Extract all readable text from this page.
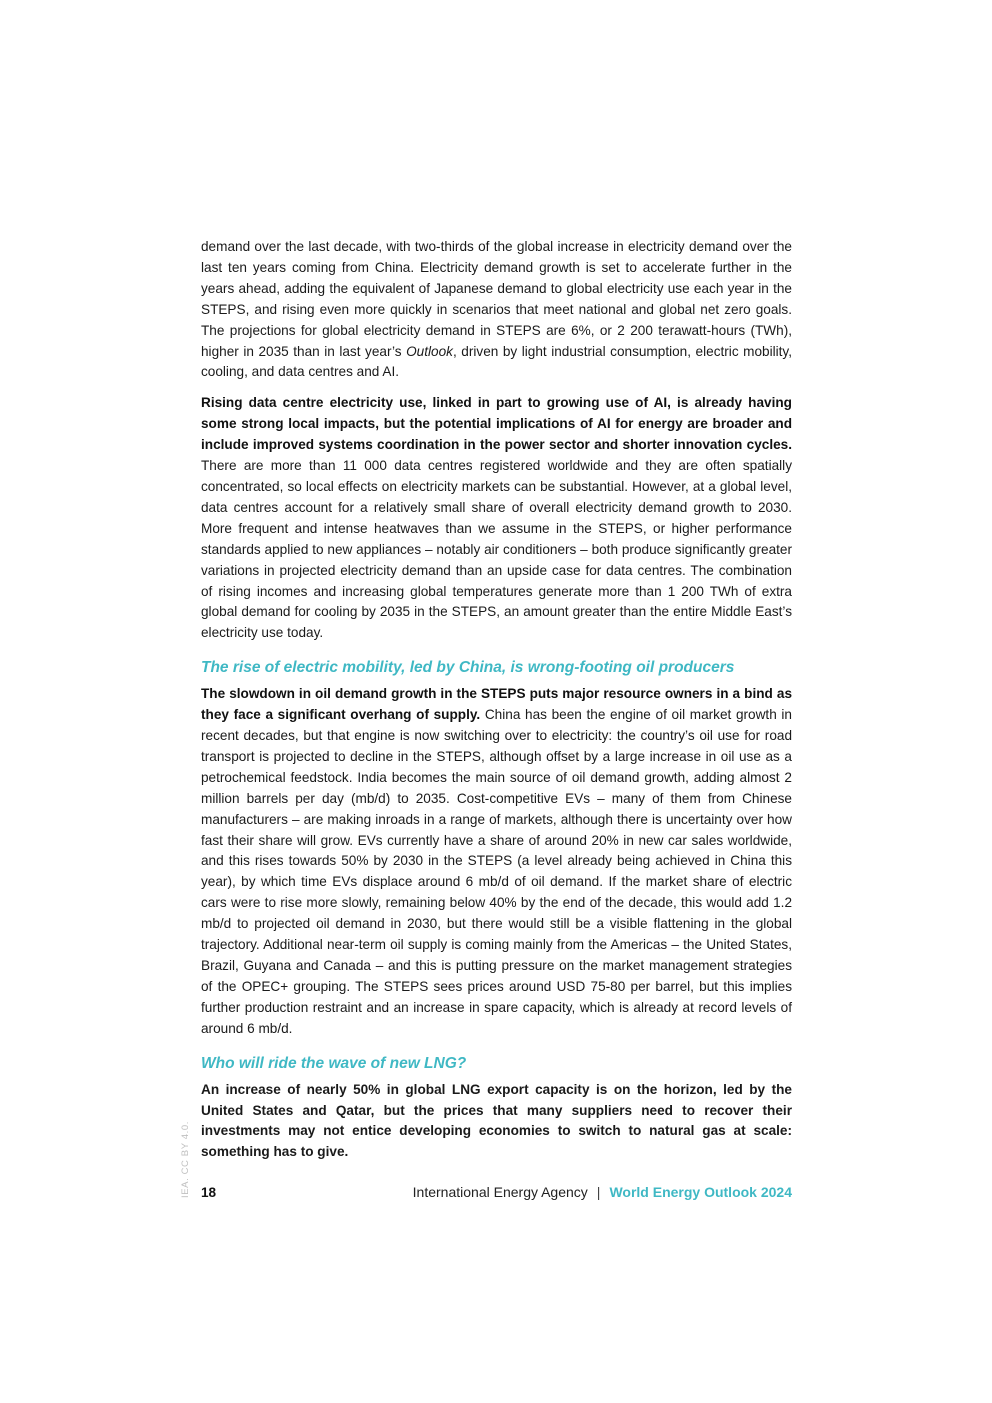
demand over the last decade, with two-thirds of the global increase in electricity demand over the last ten years coming from China. Electricity demand growth is set to accelerate further in the years ahead, adding the equivalent of Japanese demand to global electricity use each year in the STEPS, and rising even more quickly in scenarios that meet national and global net zero goals. The projections for global electricity demand in STEPS are 6%, or 2 200 terawatt-hours (TWh), higher in 2035 than in last year’s Outlook, driven by light industrial consumption, electric mobility, cooling, and data centres and AI.

Rising data centre electricity use, linked in part to growing use of AI, is already having some strong local impacts, but the potential implications of AI for energy are broader and include improved systems coordination in the power sector and shorter innovation cycles. There are more than 11 000 data centres registered worldwide and they are often spatially concentrated, so local effects on electricity markets can be substantial. However, at a global level, data centres account for a relatively small share of overall electricity demand growth to 2030. More frequent and intense heatwaves than we assume in the STEPS, or higher performance standards applied to new appliances – notably air conditioners – both produce significantly greater variations in projected electricity demand than an upside case for data centres. The combination of rising incomes and increasing global temperatures generate more than 1 200 TWh of extra global demand for cooling by 2035 in the STEPS, an amount greater than the entire Middle East’s electricity use today.

The rise of electric mobility, led by China, is wrong-footing oil producers

The slowdown in oil demand growth in the STEPS puts major resource owners in a bind as they face a significant overhang of supply. China has been the engine of oil market growth in recent decades, but that engine is now switching over to electricity: the country’s oil use for road transport is projected to decline in the STEPS, although offset by a large increase in oil use as a petrochemical feedstock. India becomes the main source of oil demand growth, adding almost 2 million barrels per day (mb/d) to 2035. Cost-competitive EVs – many of them from Chinese manufacturers – are making inroads in a range of markets, although there is uncertainty over how fast their share will grow. EVs currently have a share of around 20% in new car sales worldwide, and this rises towards 50% by 2030 in the STEPS (a level already being achieved in China this year), by which time EVs displace around 6 mb/d of oil demand. If the market share of electric cars were to rise more slowly, remaining below 40% by the end of the decade, this would add 1.2 mb/d to projected oil demand in 2030, but there would still be a visible flattening in the global trajectory. Additional near-term oil supply is coming mainly from the Americas – the United States, Brazil, Guyana and Canada – and this is putting pressure on the market management strategies of the OPEC+ grouping. The STEPS sees prices around USD 75-80 per barrel, but this implies further production restraint and an increase in spare capacity, which is already at record levels of around 6 mb/d.

Who will ride the wave of new LNG?

An increase of nearly 50% in global LNG export capacity is on the horizon, led by the United States and Qatar, but the prices that many suppliers need to recover their investments may not entice developing economies to switch to natural gas at scale: something has to give.

IEA. CC BY 4.0. 18	International Energy Agency | World Energy Outlook 2024
